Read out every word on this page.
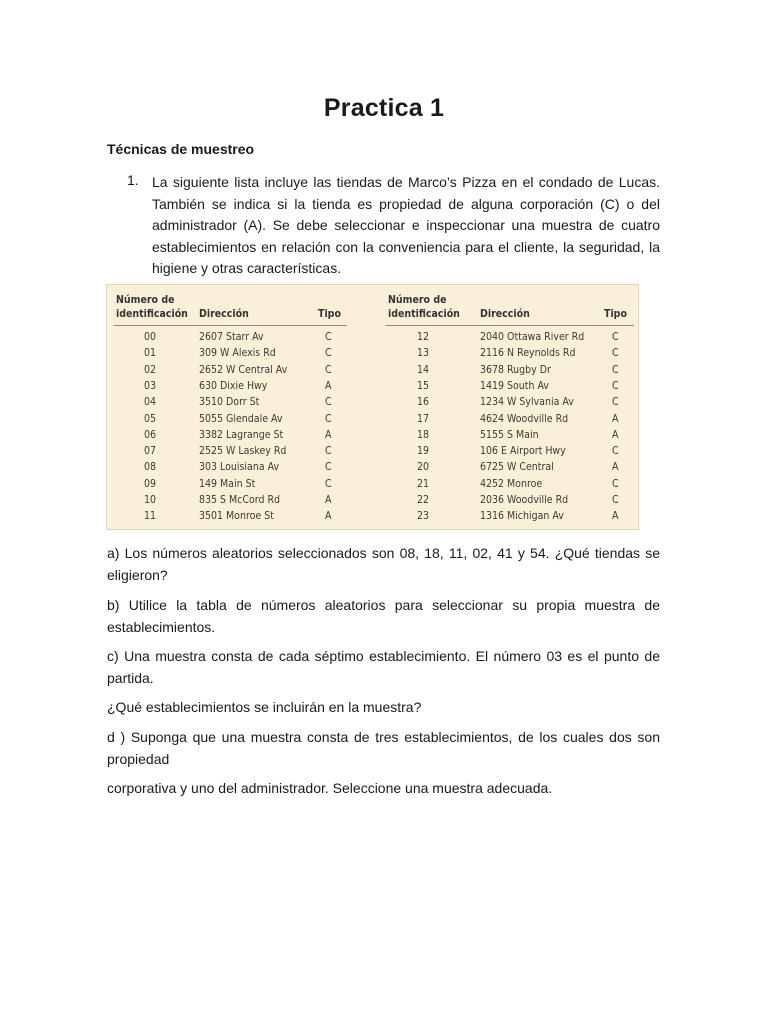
Practica 1
Técnicas de muestreo
1. La siguiente lista incluye las tiendas de Marco’s Pizza en el condado de Lucas. También se indica si la tienda es propiedad de alguna corporación (C) o del administrador (A). Se debe seleccionar e inspeccionar una muestra de cuatro establecimientos en relación con la conveniencia para el cliente, la seguridad, la higiene y otras características.
Número de
identificación Dirección	Tipo
Número de
identificación Dirección	Tipo
00	2607 Starr Av	C
01	309 W Alexis Rd	C
02	2652 W Central Av	C
03	630 Dixie Hwy	A
04	3510 Dorr St	C
05	5055 Glendale Av	C
06	3382 Lagrange St	A
07	2525 W Laskey Rd	C
08	303 Louisiana Av	C
09	149 Main St	C
10	835 S McCord Rd	A
11	3501 Monroe St	A
12	2040 Ottawa River Rd	C
13	2116 N Reynolds Rd	C
14	3678 Rugby Dr	C
15	1419 South Av	C
16	1234 W Sylvania Av	C
17	4624 Woodville Rd	A
18	5155 S Main	A
19	106 E Airport Hwy	C
20	6725 W Central	A
21	4252 Monroe	C
22	2036 Woodville Rd	C
23	1316 Michigan Av	A
a) Los números aleatorios seleccionados son 08, 18, 11, 02, 41 y 54. ¿Qué tiendas se eligieron?
b) Utilice la tabla de números aleatorios para seleccionar su propia muestra de establecimientos.
c) Una muestra consta de cada séptimo establecimiento. El número 03 es el punto de partida.
¿Qué establecimientos se incluirán en la muestra?
d ) Suponga que una muestra consta de tres establecimientos, de los cuales dos son propiedad
corporativa y uno del administrador. Seleccione una muestra adecuada.
